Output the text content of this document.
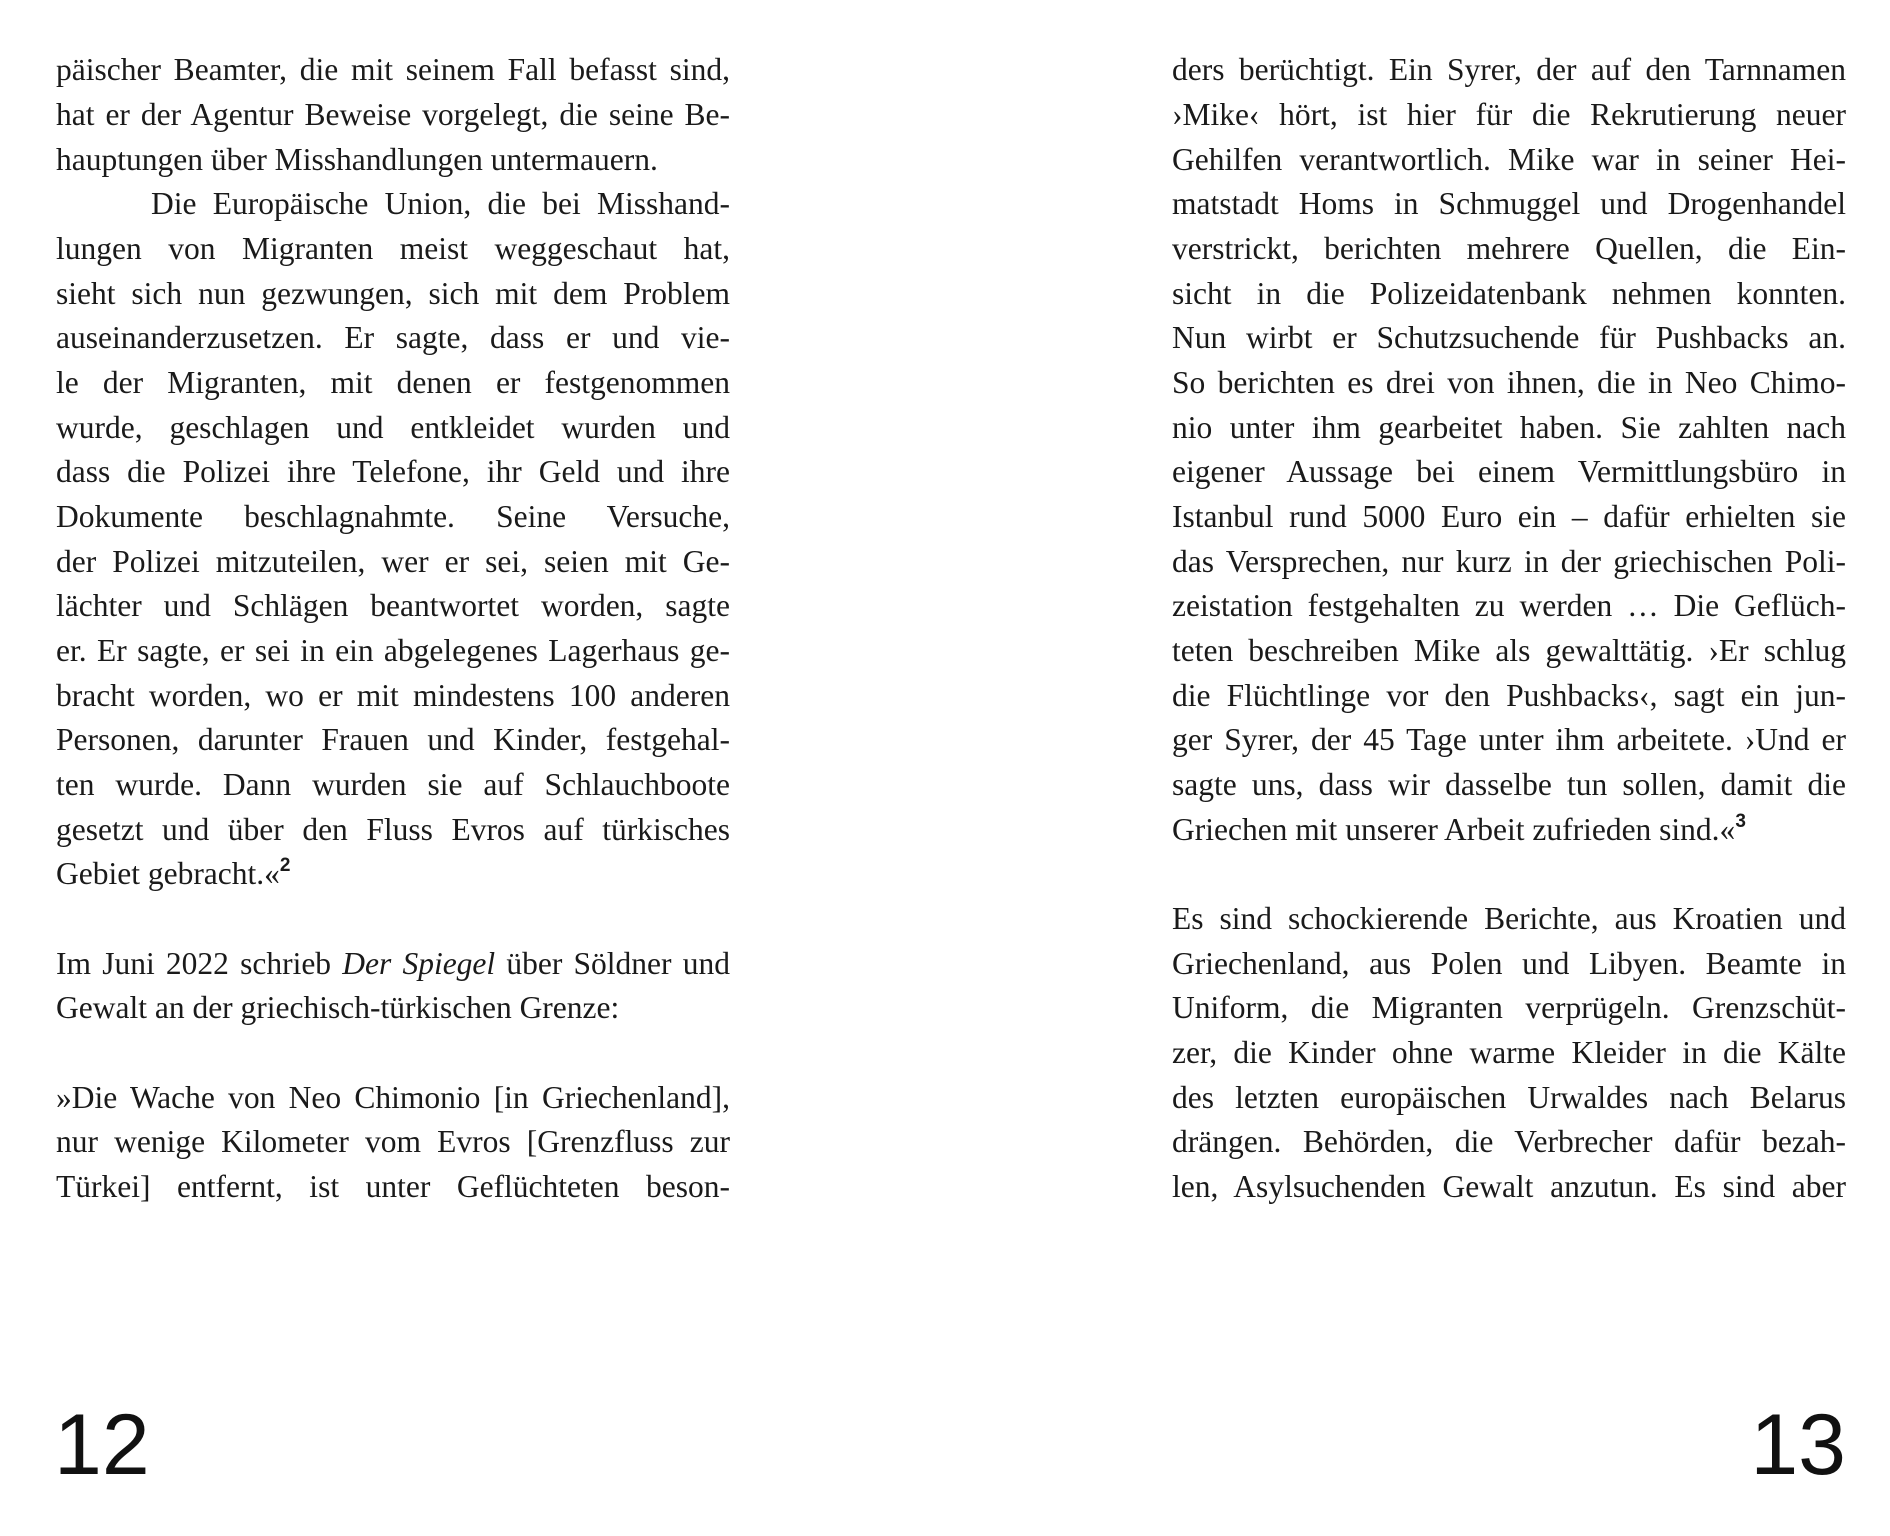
päischer Beamter, die mit seinem Fall befasst sind,
hat er der Agentur Beweise vorgelegt, die seine Be-
hauptungen über Misshandlungen untermauern.
Die Europäische Union, die bei Misshand-
lungen von Migranten meist weggeschaut hat,
sieht sich nun gezwungen, sich mit dem Problem
auseinanderzusetzen. Er sagte, dass er und vie-
le der Migranten, mit denen er festgenommen
wurde, geschlagen und entkleidet wurden und
dass die Polizei ihre Telefone, ihr Geld und ihre
Dokumente beschlagnahmte. Seine Versuche,
der Polizei mitzuteilen, wer er sei, seien mit Ge-
lächter und Schlägen beantwortet worden, sagte
er. Er sagte, er sei in ein abgelegenes Lagerhaus ge-
bracht worden, wo er mit mindestens 100 anderen
Personen, darunter Frauen und Kinder, festgehal-
ten wurde. Dann wurden sie auf Schlauchboote
gesetzt und über den Fluss Evros auf türkisches
Gebiet gebracht.«$^2$
Im Juni 2022 schrieb Der Spiegel über Söldner und
Gewalt an der griechisch-türkischen Grenze:
»Die Wache von Neo Chimonio [in Griechenland],
nur wenige Kilometer vom Evros [Grenzfluss zur
Türkei] entfernt, ist unter Geflüchteten beson-
12
ders berüchtigt. Ein Syrer, der auf den Tarnnamen
›Mike‹ hört, ist hier für die Rekrutierung neuer
Gehilfen verantwortlich. Mike war in seiner Hei-
matstadt Homs in Schmuggel und Drogenhandel
verstrickt, berichten mehrere Quellen, die Ein-
sicht in die Polizeidatenbank nehmen konnten.
Nun wirbt er Schutzsuchende für Pushbacks an.
So berichten es drei von ihnen, die in Neo Chimo-
nio unter ihm gearbeitet haben. Sie zahlten nach
eigener Aussage bei einem Vermittlungsbüro in
Istanbul rund 5000 Euro ein – dafür erhielten sie
das Versprechen, nur kurz in der griechischen Poli-
zeistation festgehalten zu werden … Die Geflüch-
teten beschreiben Mike als gewalttätig. ›Er schlug
die Flüchtlinge vor den Pushbacks‹, sagt ein jun-
ger Syrer, der 45 Tage unter ihm arbeitete. ›Und er
sagte uns, dass wir dasselbe tun sollen, damit die
Griechen mit unserer Arbeit zufrieden sind.«$^3$
Es sind schockierende Berichte, aus Kroatien und
Griechenland, aus Polen und Libyen. Beamte in
Uniform, die Migranten verprügeln. Grenzschüt-
zer, die Kinder ohne warme Kleider in die Kälte
des letzten europäischen Urwaldes nach Belarus
drängen. Behörden, die Verbrecher dafür bezah-
len, Asylsuchenden Gewalt anzutun. Es sind aber
13
